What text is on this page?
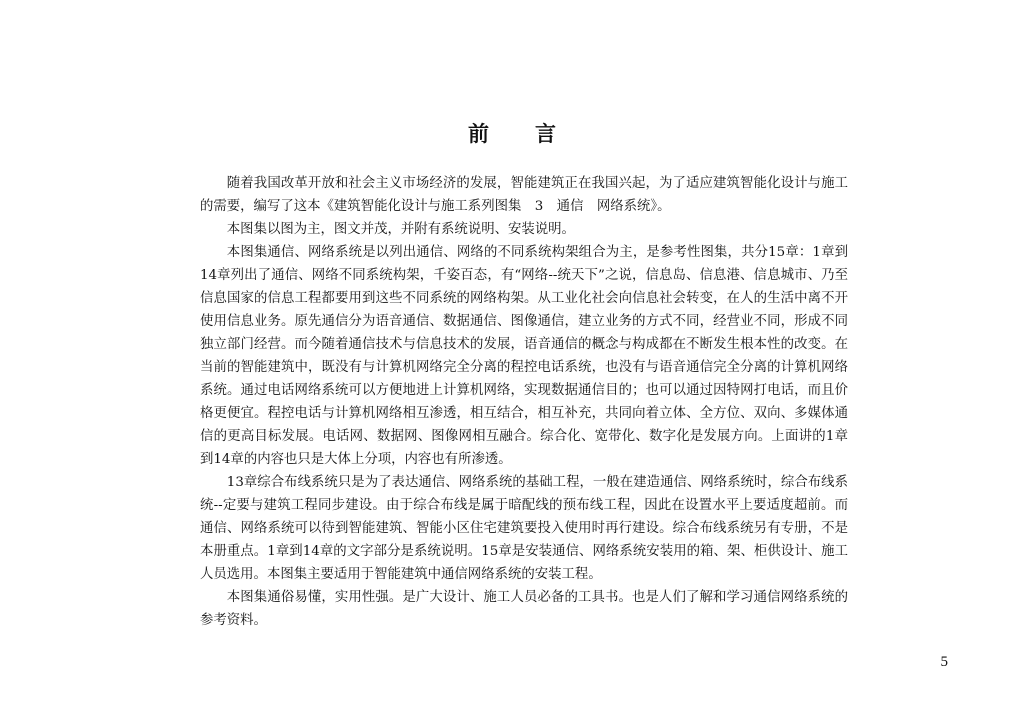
前 言

随着我国改革开放和社会主义市场经济的发展，智能建筑正在我国兴起，为了适应建筑智能化设计与施工的需要，编写了这本《建筑智能化设计与施工系列图集　3　通信　网络系统》。

本图集以图为主，图文并茂，并附有系统说明、安装说明。

本图集通信、网络系统是以列出通信、网络的不同系统构架组合为主，是参考性图集，共分15章：1章到14章列出了通信、网络不同系统构架，千姿百态，有“网络--统天下”之说，信息岛、信息港、信息城市、乃至信息国家的信息工程都要用到这些不同系统的网络构架。从工业化社会向信息社会转变，在人的生活中离不开使用信息业务。原先通信分为语音通信、数据通信、图像通信，建立业务的方式不同，经营业不同，形成不同独立部门经营。而今随着通信技术与信息技术的发展，语音通信的概念与构成都在不断发生根本性的改变。在当前的智能建筑中，既没有与计算机网络完全分离的程控电话系统，也没有与语音通信完全分离的计算机网络系统。通过电话网络系统可以方便地进上计算机网络，实现数据通信目的；也可以通过因特网打电话，而且价格更便宜。程控电话与计算机网络相互渗透，相互结合，相互补充，共同向着立体、全方位、双向、多媒体通信的更高目标发展。电话网、数据网、图像网相互融合。综合化、宽带化、数字化是发展方向。上面讲的1章到14章的内容也只是大体上分项，内容也有所渗透。

13章综合布线系统只是为了表达通信、网络系统的基础工程，一般在建造通信、网络系统时，综合布线系统--定要与建筑工程同步建设。由于综合布线是属于暗配线的预布线工程，因此在设置水平上要适度超前。而通信、网络系统可以待到智能建筑、智能小区住宅建筑要投入使用时再行建设。综合布线系统另有专册，不是本册重点。1章到14章的文字部分是系统说明。15章是安装通信、网络系统安装用的箱、架、柜供设计、施工人员选用。本图集主要适用于智能建筑中通信网络系统的安装工程。

本图集通俗易懂，实用性强。是广大设计、施工人员必备的工具书。也是人们了解和学习通信网络系统的参考资料。

5
